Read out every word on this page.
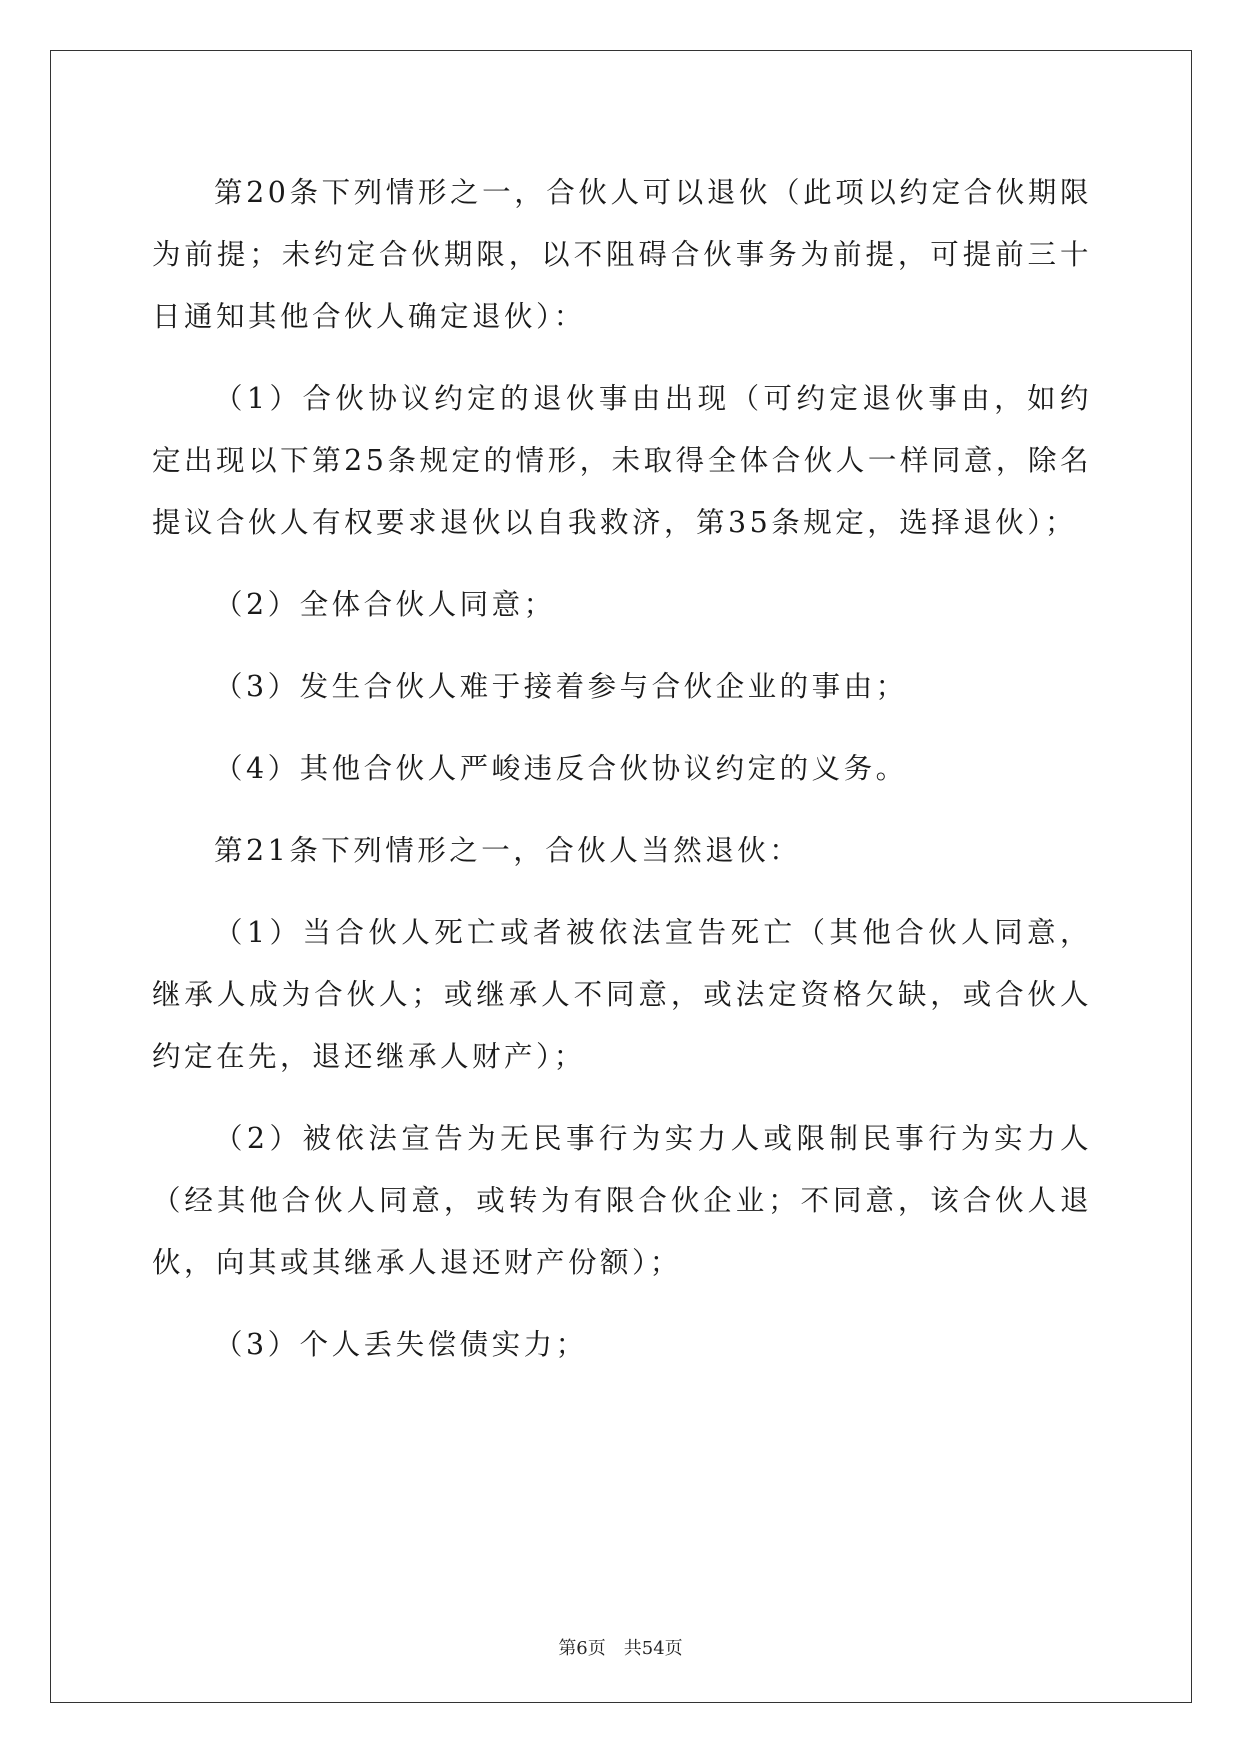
第20条下列情形之一，合伙人可以退伙（此项以约定合伙期限为前提；未约定合伙期限，以不阻碍合伙事务为前提，可提前三十日通知其他合伙人确定退伙）：

（1）合伙协议约定的退伙事由出现（可约定退伙事由，如约定出现以下第25条规定的情形，未取得全体合伙人一样同意，除名提议合伙人有权要求退伙以自我救济，第35条规定，选择退伙）；

（2）全体合伙人同意；

（3）发生合伙人难于接着参与合伙企业的事由；

（4）其他合伙人严峻违反合伙协议约定的义务。

第21条下列情形之一，合伙人当然退伙：

（1）当合伙人死亡或者被依法宣告死亡（其他合伙人同意，继承人成为合伙人；或继承人不同意，或法定资格欠缺，或合伙人约定在先，退还继承人财产）；

（2）被依法宣告为无民事行为实力人或限制民事行为实力人（经其他合伙人同意，或转为有限合伙企业；不同意，该合伙人退伙，向其或其继承人退还财产份额）；

（3）个人丢失偿债实力；

第6页 共54页
